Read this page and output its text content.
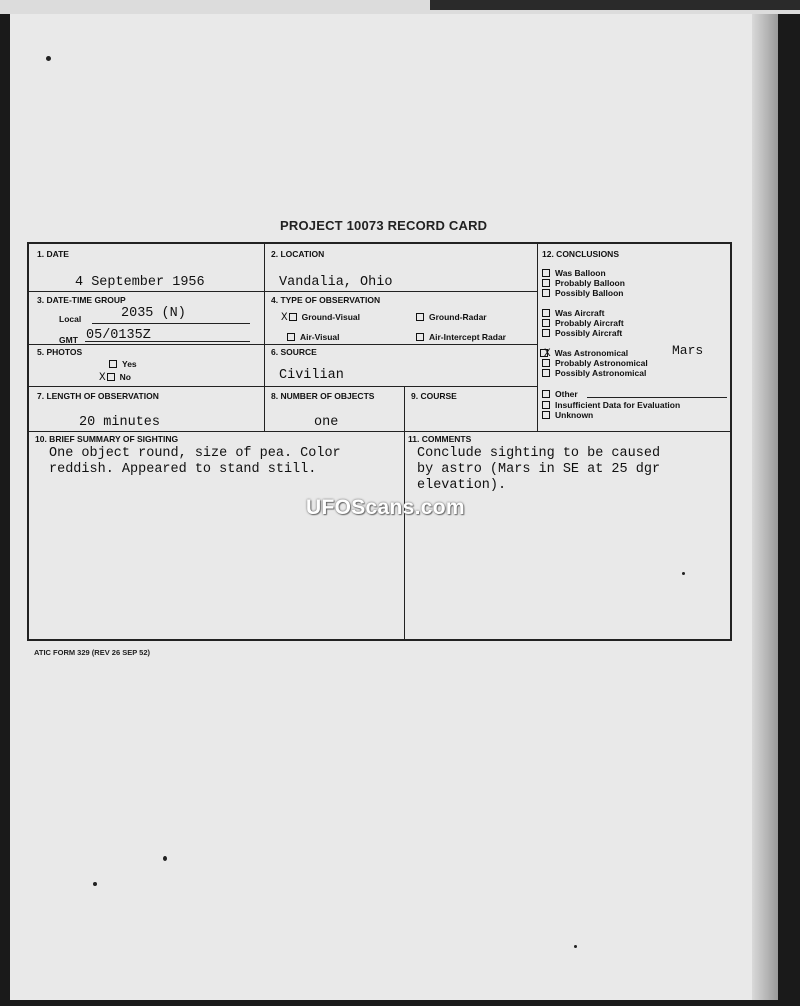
PROJECT 10073 RECORD CARD
1. DATE
4 September 1956
2. LOCATION
Vandalia, Ohio
3. DATE-TIME GROUP
Local	2035 (N)
GMT 05/0135Z
4. TYPE OF OBSERVATION
X Ground-Visual	Ground-Radar
Air-Visual	Air-Intercept Radar
5. PHOTOS
Yes
X No
6. SOURCE
Civilian
7. LENGTH OF OBSERVATION
20 minutes
8. NUMBER OF OBJECTS
one
9. COURSE
12. CONCLUSIONS
Was Balloon
Probably Balloon
Possibly Balloon
Was Aircraft
Probably Aircraft
Possibly Aircraft
X Was Astronomical	Mars
Probably Astronomical
Possibly Astronomical
Other
Insufficient Data for Evaluation
Unknown
10. BRIEF SUMMARY OF SIGHTING
One object round, size of pea. Color
reddish. Appeared to stand still.
11. COMMENTS
Conclude sighting to be caused
by astro (Mars in SE at 25 dgr
elevation).
UFOScans.com
ATIC FORM 329 (REV 26 SEP 52)
